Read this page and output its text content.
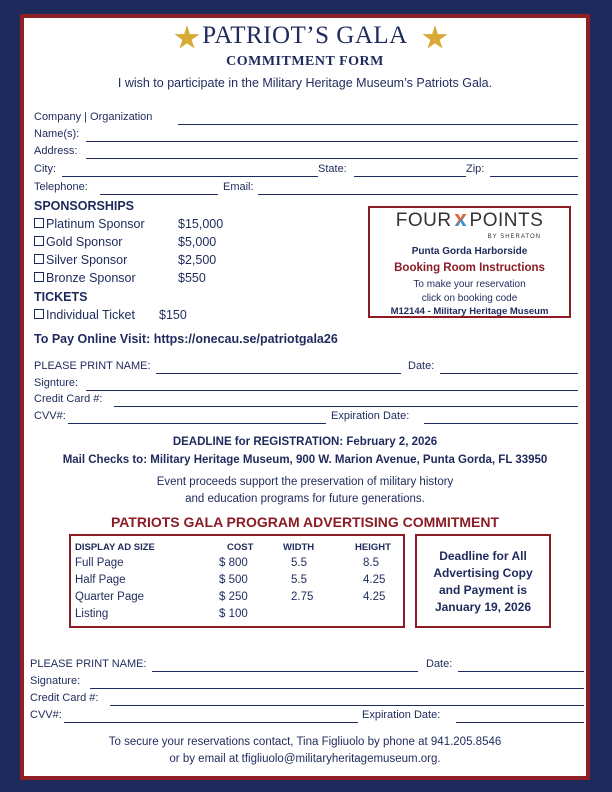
PATRIOT’S GALA
COMMITMENT FORM
I wish to participate in the Military Heritage Museum’s Patriots Gala.
Company | Organization
Name(s):
Address:
City:	State:	Zip:
Telephone:	Email:
SPONSORSHIPS
Platinum Sponsor	$15,000
Gold Sponsor	$5,000
Silver Sponsor	$2,500
Bronze Sponsor	$550
TICKETS
Individual Ticket $150
FOUR POINTS
BY SHERATON
Punta Gorda Harborside
Booking Room Instructions
To make your reservation
click on booking code
M12144 - Military Heritage Museum
To Pay Online Visit: https://onecau.se/patriotgala26
PLEASE PRINT NAME:	Date:
Signture:
Credit Card #:
CVV#:	Expiration Date:
DEADLINE for REGISTRATION: February 2, 2026
Mail Checks to: Military Heritage Museum, 900 W. Marion Avenue, Punta Gorda, FL 33950
Event proceeds support the preservation of military history
and education programs for future generations.
PATRIOTS GALA PROGRAM ADVERTISING COMMITMENT
DISPLAY AD SIZE	COST	WIDTH	HEIGHT
Full Page	$ 800	5.5	8.5
Half Page	$ 500	5.5	4.25
Quarter Page	$ 250	2.75	4.25
Listing	$ 100
Deadline for All
Advertising Copy
and Payment is
January 19, 2026
PLEASE PRINT NAME:	Date:
Signature:
Credit Card #:
CVV#:	Expiration Date:
To secure your reservations contact, Tina Figliuolo by phone at 941.205.8546
or by email at tfigliuolo@militaryheritagemuseum.org.
